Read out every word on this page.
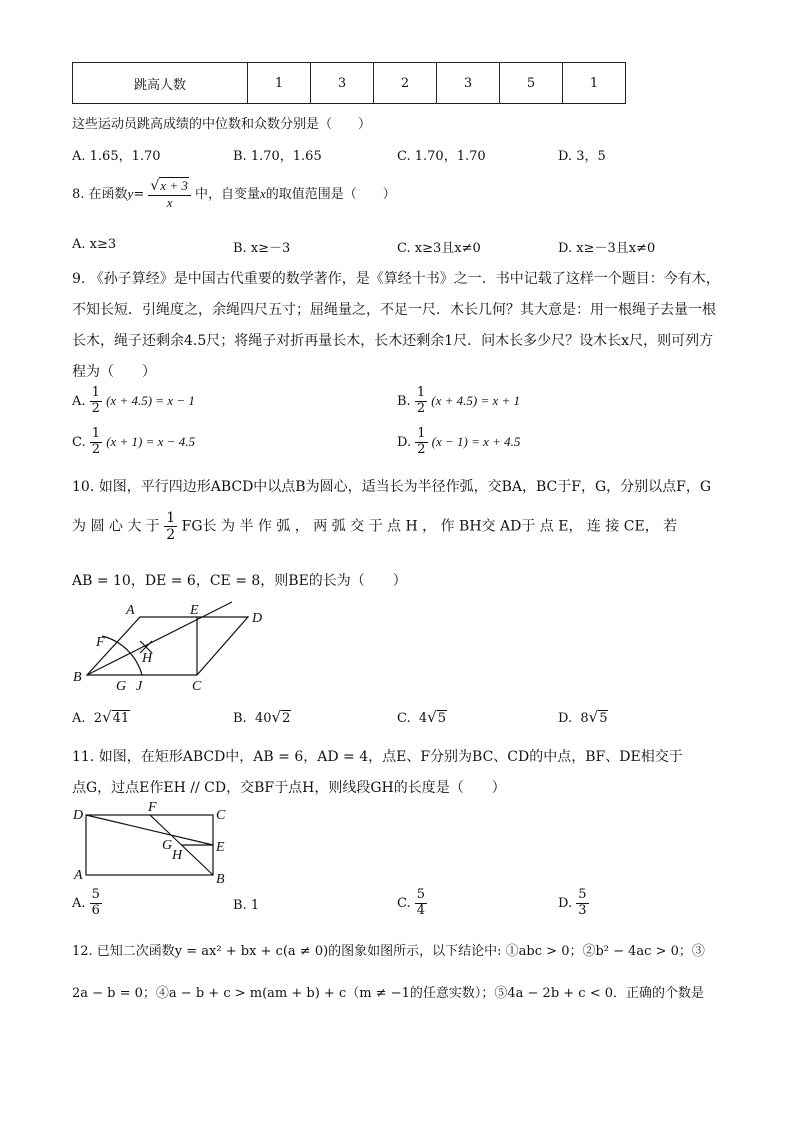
跳高人数	1	3	2	3	5	1
这些运动员跳高成绩的中位数和众数分别是（　　）
A. 1.65，1.70	B. 1.70，1.65	C. 1.70，1.70	D. 3，5
8. 在函数$y= \frac{√x + 3}{x}$ 中，自变量x的取值范围是（　　）
A. x≥3	B. x≥－3	C. x≥3且x≠0	D. x≥－3且x≠0
9. 《孙子算经》是中国古代重要的数学著作，是《算经十书》之一．书中记载了这样一个题目：今有木，
不知长短．引绳度之，余绳四尺五寸；屈绳量之，不足一尺．木长几何？其大意是：用一根绳子去量一根
长木，绳子还剩余4.5尺；将绳子对折再量长木，长木还剩余1尺．问木长多少尺？设木长x尺，则可列方
程为（　　）
A. $\frac{1}{2} (x + 4.5) = x - 1$	B. $\frac{1}{2} (x + 4.5) = x + 1$
C. $\frac{1}{2} (x + 1) = x - 4.5$	D. $\frac{1}{2} (x - 1) = x + 4.5$
10. 如图，平行四边形ABCD中以点B为圆心，适当长为半径作弧，交BA，BC于F，G，分别以点F，G
为 圆 心 大 于 $\frac{1}{2}$ FG长 为 半 作 弧 ， 两 弧 交 于 点 H ， 作 BH交 AD于 点 E， 连 接 CE， 若
AB = 10，DE = 6，CE = 8，则BE的长为（　　）
A	E
D
F
H
B
G J	C
A. 2√41	B. 40√2	C. 4√5	D. 8√5
11. 如图，在矩形ABCD中，AB = 6，AD = 4，点E、F分别为BC、CD的中点，BF、DE相交于
点G，过点E作EH // CD，交BF于点H，则线段GH的长度是（　　）
D
F
C
G
H
E
A	B
A. $\frac{5}{6}$	B. 1	C. $\frac{5}{4}$	D. $\frac{5}{3}$
12. 已知二次函数y = ax² + bx + c(a ≠ 0)的图象如图所示，以下结论中: ①abc > 0；②b² − 4ac > 0；③
2a − b = 0；④a − b + c > m(am + b) + c（m ≠ −1的任意实数）；⑤4a − 2b + c < 0．正确的个数是
